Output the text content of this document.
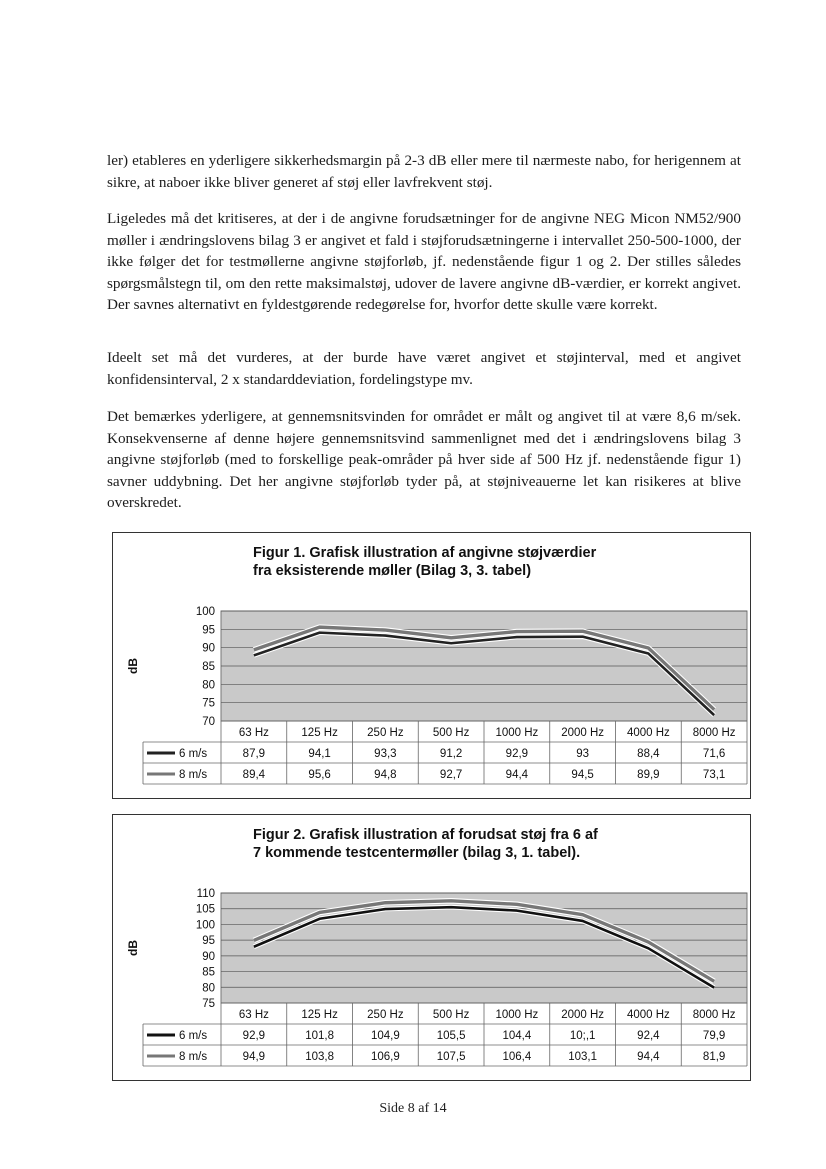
ler) etableres en yderligere sikkerhedsmargin på 2-3 dB eller mere til nærmeste nabo, for herigennem at sikre, at naboer ikke bliver generet af støj eller lavfrekvent støj.

Ligeledes må det kritiseres, at der i de angivne forudsætninger for de angivne NEG Micon NM52/900 møller i ændringslovens bilag 3 er angivet et fald i støjforudsætningerne i intervallet 250-500-1000, der ikke følger det for testmøllerne angivne støjforløb, jf. nedenstående figur 1 og 2. Der stilles således spørgsmålstegn til, om den rette maksimalstøj, udover de lavere angivne dB-værdier, er korrekt angivet. Der savnes alternativt en fyldestgørende redegørelse for, hvorfor dette skulle være korrekt.

Ideelt set må det vurderes, at der burde have været angivet et støjinterval, med et angivet konfidensinterval, 2 x standarddeviation, fordelingstype mv.

Det bemærkes yderligere, at gennemsnitsvinden for området er målt og angivet til at være 8,6 m/sek. Konsekvenserne af denne højere gennemsnitsvind sammenlignet med det i ændringslovens bilag 3 angivne støjforløb (med to forskellige peak-områder på hver side af 500 Hz jf. nedenstående figur 1) savner uddybning. Det her angivne støjforløb tyder på, at støjniveauerne let kan risikeres at blive overskredet.

Figur 1. Grafisk illustration af angivne støjværdier
fra eksisterende møller (Bilag 3, 3. tabel)
100
95
90
85
80
75
70
dB
63 Hz	125 Hz	250 Hz	500 Hz 1000 Hz 2000 Hz 4000 Hz 8000 Hz
6 m/s	87,9	94,1	93,3	91,2	92,9	93	88,4	71,6
8 m/s	89,4	95,6	94,8	92,7	94,4	94,5	89,9	73,1
Figur 2. Grafisk illustration af forudsat støj fra 6 af
7 kommende testcentermøller (bilag 3, 1. tabel).
110
105
100
95
90
85
80
75
dB
63 Hz	125 Hz	250 Hz	500 Hz 1000 Hz 2000 Hz 4000 Hz 8000 Hz
6 m/s	92,9	101,8	104,9	105,5	104,4	10;,1	92,4	79,9
8 m/s	94,9	103,8	106,9	107,5	106,4	103,1	94,4	81,9
Side 8 af 14
